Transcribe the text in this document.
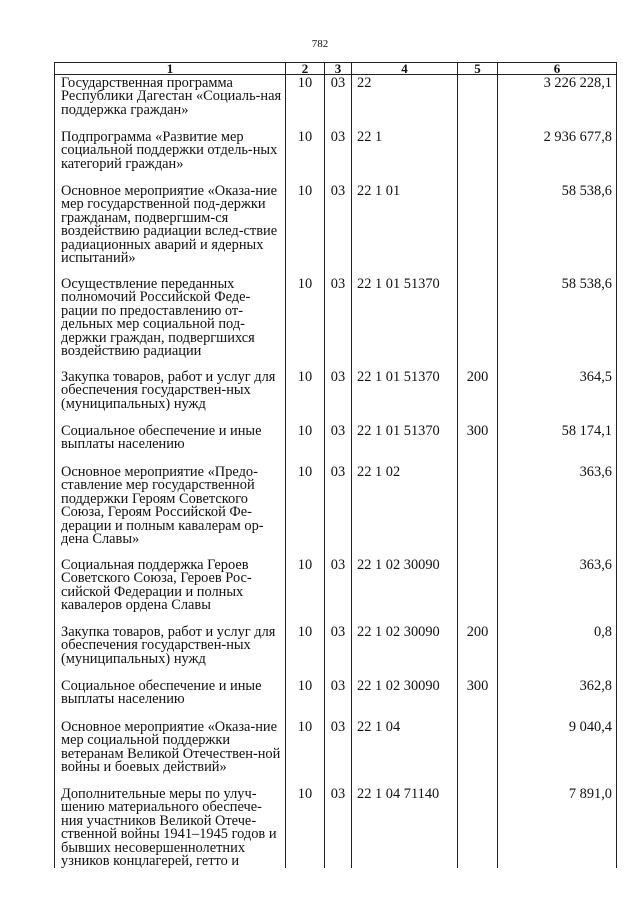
782
1	2	3	4	5	6
Государственная программа Республики Дагестан «Социаль-ная поддержка граждан»	10	03	22		3 226 228,1
Подпрограмма «Развитие мер социальной поддержки отдель-ных категорий граждан»	10	03	22 1		2 936 677,8
Основное мероприятие «Оказа-ние мер государственной под-держки гражданам, подвергшим-ся воздействию радиации вслед-ствие радиационных аварий и ядерных испытаний»	10	03	22 1 01		58 538,6
Осуществление переданных полномочий Российской Феде-рации по предоставлению от-дельных мер социальной под-держки граждан, подвергшихся воздействию радиации	10	03	22 1 01 51370		58 538,6
Закупка товаров, работ и услуг для обеспечения государствен-ных (муниципальных) нужд	10	03	22 1 01 51370	200	364,5
Социальное обеспечение и иные выплаты населению	10	03	22 1 01 51370	300	58 174,1
Основное мероприятие «Предо-ставление мер государственной поддержки Героям Советского Союза, Героям Российской Фе-дерации и полным кавалерам ор-дена Славы»	10	03	22 1 02		363,6
Социальная поддержка Героев Советского Союза, Героев Рос-сийской Федерации и полных кавалеров ордена Славы	10	03	22 1 02 30090		363,6
Закупка товаров, работ и услуг для обеспечения государствен-ных (муниципальных) нужд	10	03	22 1 02 30090	200	0,8
Социальное обеспечение и иные выплаты населению	10	03	22 1 02 30090	300	362,8
Основное мероприятие «Оказа-ние мер социальной поддержки ветеранам Великой Отечествен-ной войны и боевых действий»	10	03	22 1 04		9 040,4
Дополнительные меры по улуч-шению материального обеспече-ния участников Великой Отече-ственной войны 1941–1945 годов и бывших несовершеннолетних узников концлагерей, гетто и	10	03	22 1 04 71140		7 891,0
